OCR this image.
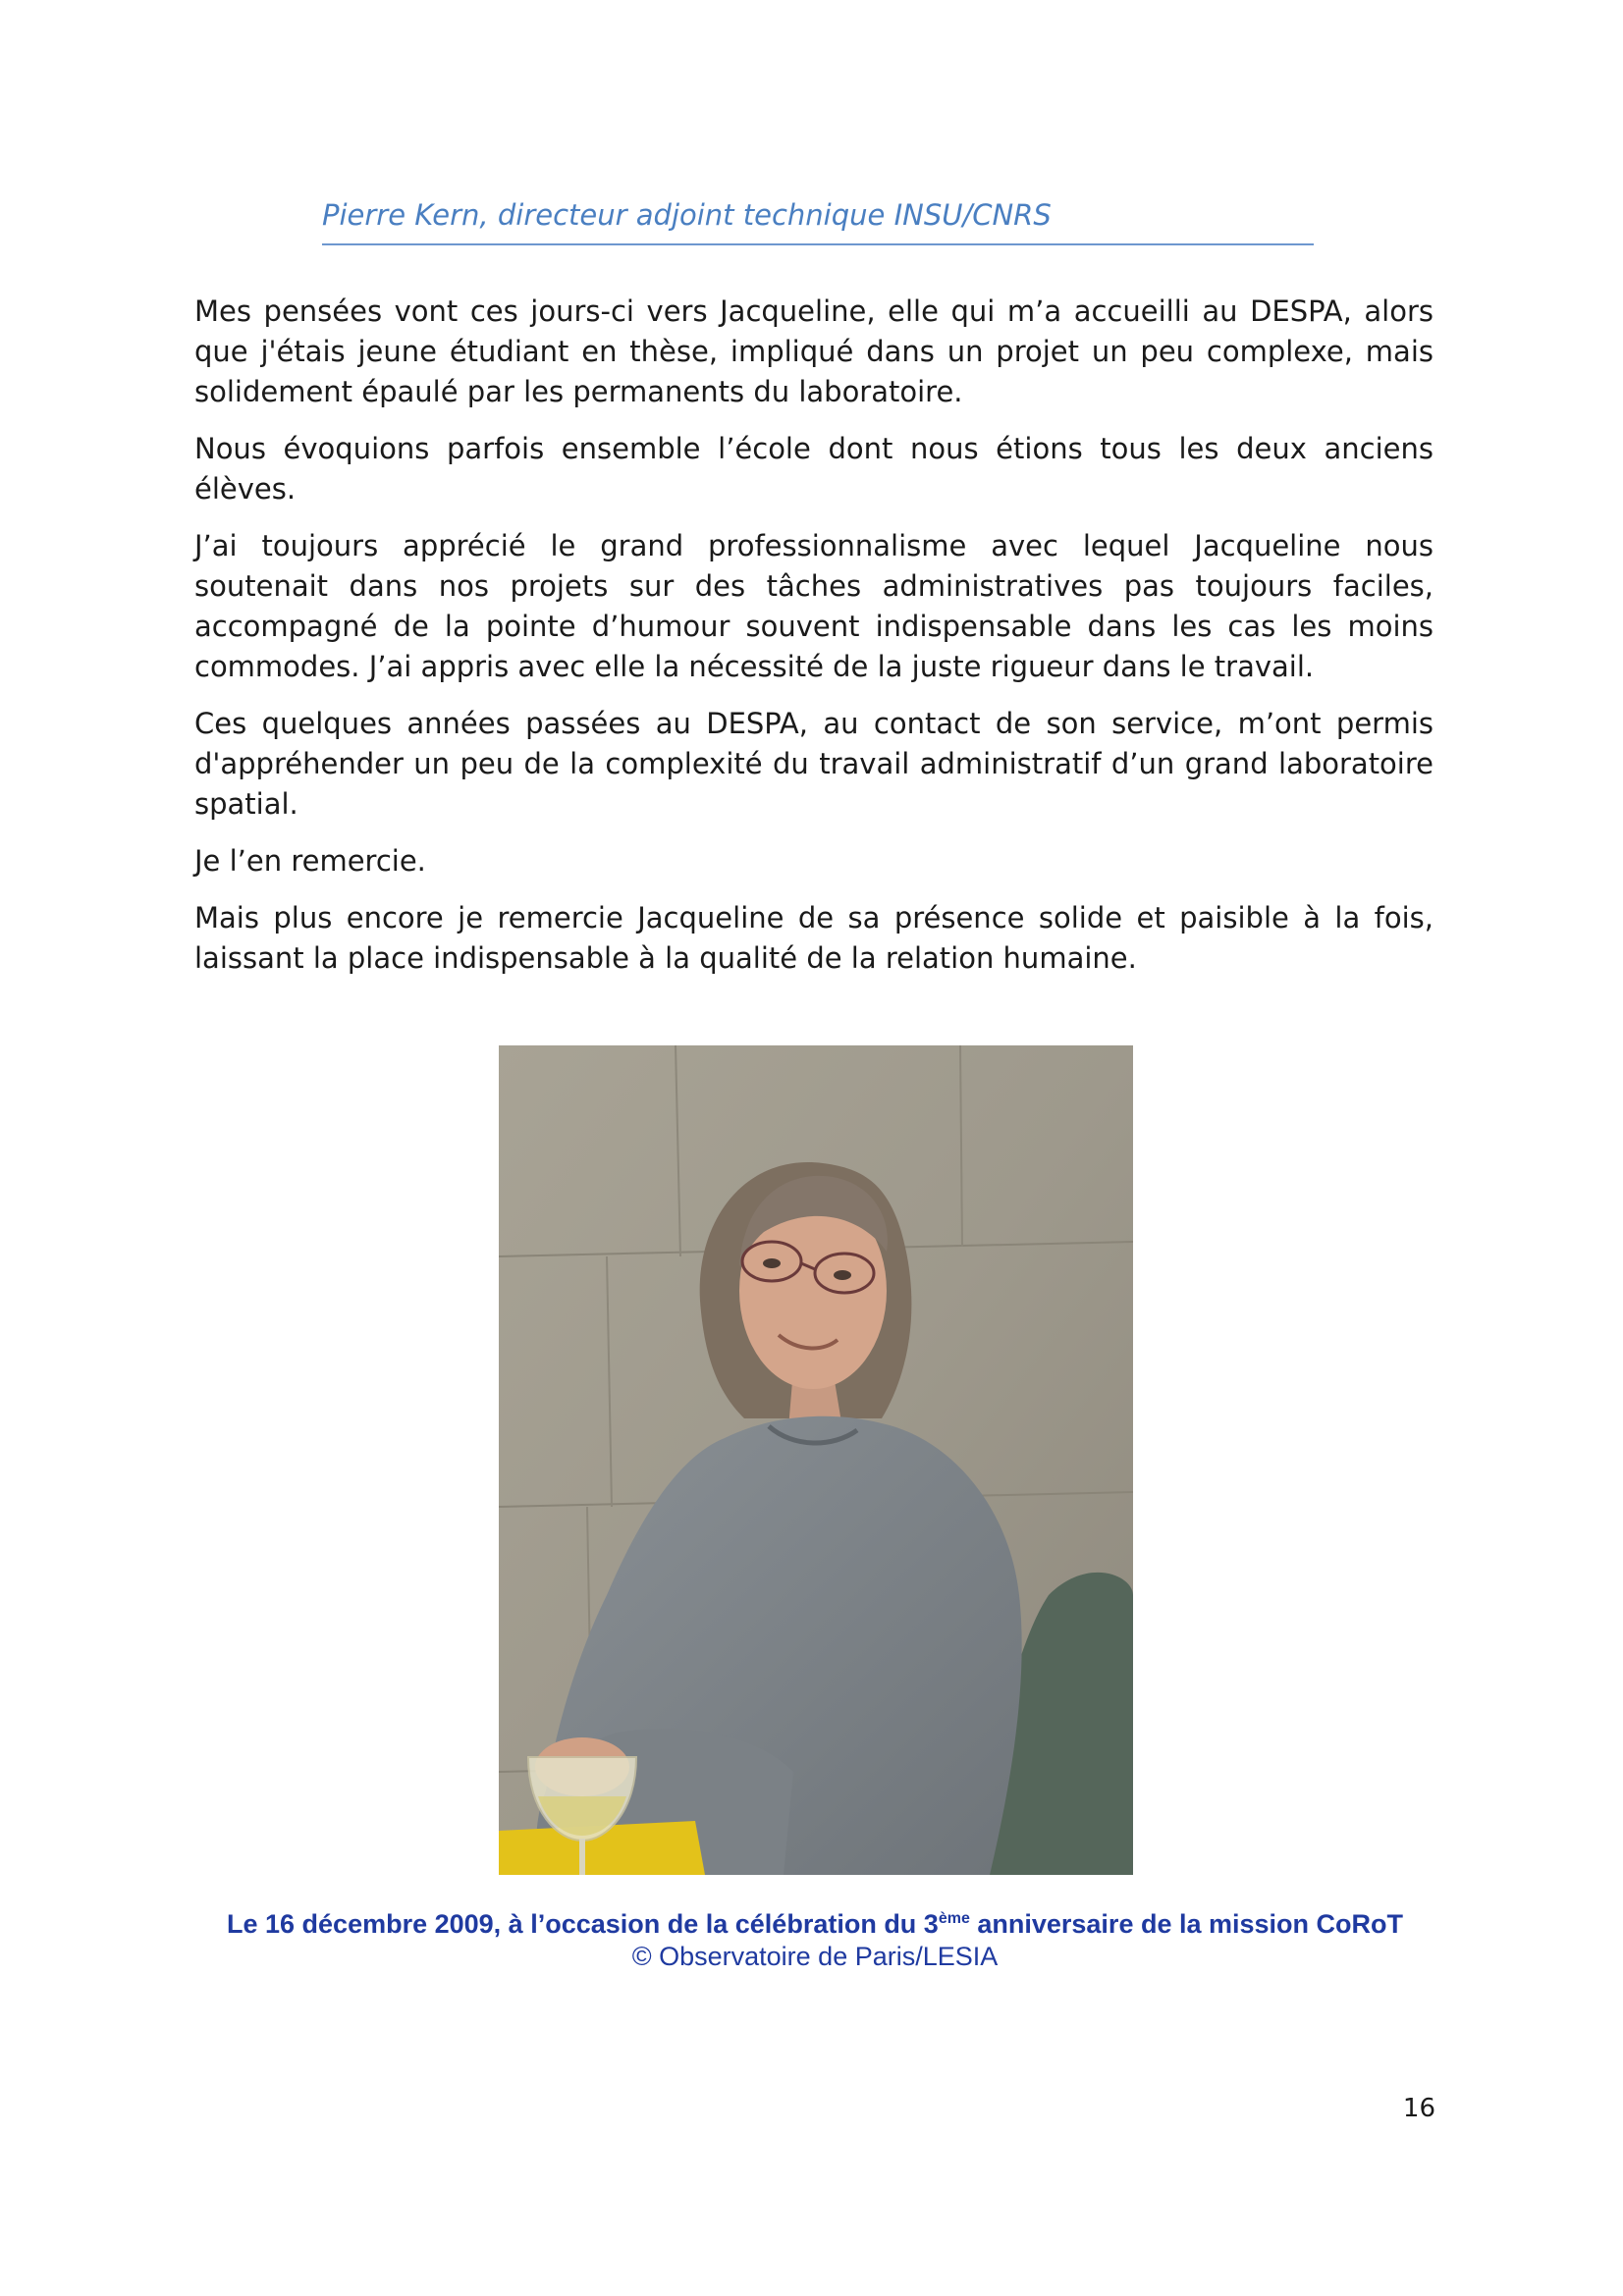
Pierre Kern, directeur adjoint technique INSU/CNRS

Mes pensées vont ces jours-ci vers Jacqueline, elle qui m’a accueilli au DESPA, alors que j'étais jeune étudiant en thèse, impliqué dans un projet un peu complexe, mais solidement épaulé par les permanents du laboratoire.

Nous évoquions parfois ensemble l’école dont nous étions tous les deux anciens élèves.

J’ai toujours apprécié le grand professionnalisme avec lequel Jacqueline nous soutenait dans nos projets sur des tâches administratives pas toujours faciles, accompagné de la pointe d’humour souvent indispensable dans les cas les moins commodes. J’ai appris avec elle la nécessité de la juste rigueur dans le travail.

Ces quelques années passées au DESPA, au contact de son service, m’ont permis d'appréhender un peu de la complexité du travail administratif d’un grand laboratoire spatial.

Je l’en remercie.

Mais plus encore je remercie Jacqueline de sa présence solide et paisible à la fois, laissant la place indispensable à la qualité de la relation humaine.

Le 16 décembre 2009, à l’occasion de la célébration du 3ème anniversaire de la mission CoRoT
© Observatoire de Paris/LESIA
16
